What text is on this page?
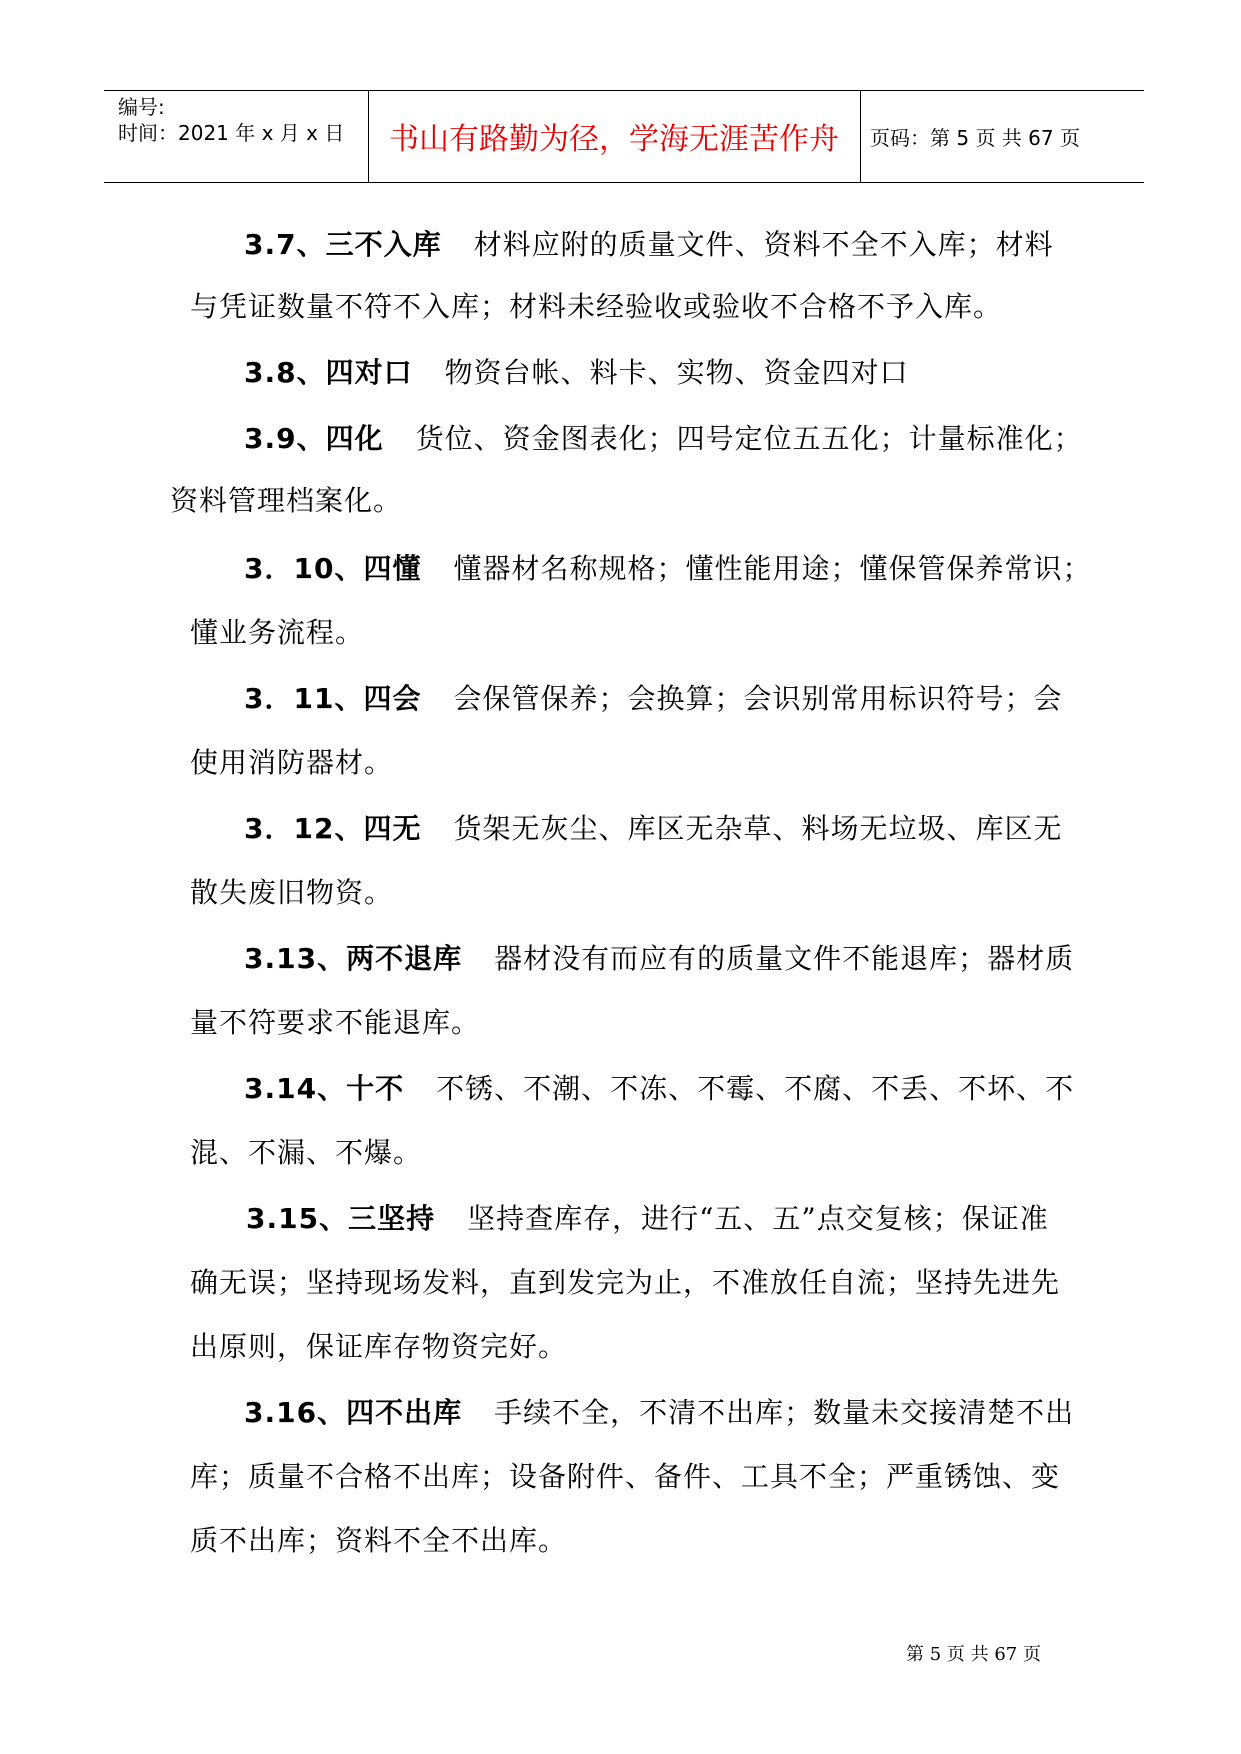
编号:
时间：2021 年 x 月 x 日	书山有路勤为径，学海无涯苦作舟	页码：第 5 页 共 67 页
3.7、三不入库 材料应附的质量文件、资料不全不入库；材料
与凭证数量不符不入库；材料未经验收或验收不合格不予入库。
3.8、四对口 物资台帐、料卡、实物、资金四对口
3.9、四化 货位、资金图表化；四号定位五五化；计量标准化；
资料管理档案化。
3．10、四懂 懂器材名称规格；懂性能用途；懂保管保养常识；
懂业务流程。
3．11、四会 会保管保养；会换算；会识别常用标识符号；会
使用消防器材。
3．12、四无 货架无灰尘、库区无杂草、料场无垃圾、库区无
散失废旧物资。
3.13、两不退库 器材没有而应有的质量文件不能退库；器材质
量不符要求不能退库。
3.14、十不 不锈、不潮、不冻、不霉、不腐、不丢、不坏、不
混、不漏、不爆。
3.15、三坚持 坚持查库存，进行“五、五”点交复核；保证准
确无误；坚持现场发料，直到发完为止，不准放任自流；坚持先进先
出原则，保证库存物资完好。
3.16、四不出库 手续不全，不清不出库；数量未交接清楚不出
库；质量不合格不出库；设备附件、备件、工具不全；严重锈蚀、变
质不出库；资料不全不出库。
第 5 页 共 67 页
